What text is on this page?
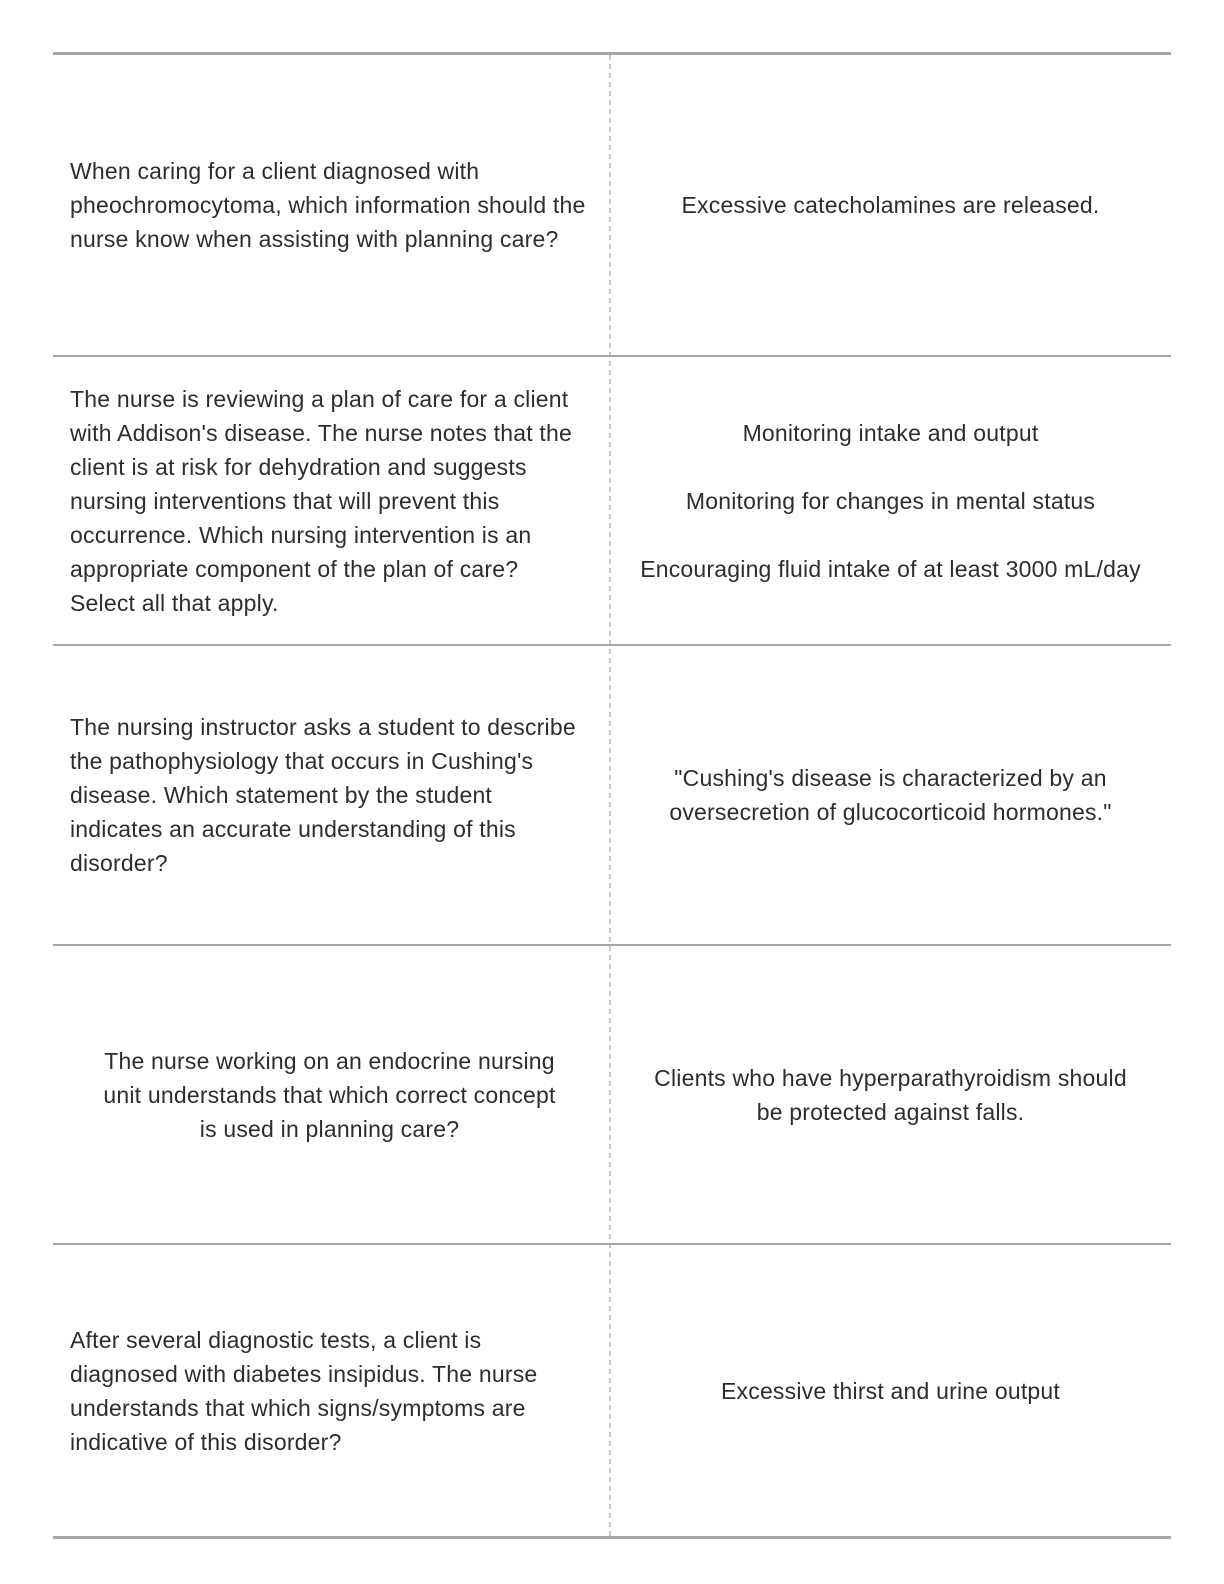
When caring for a client diagnosed with pheochromocytoma, which information should the nurse know when assisting with planning care?

Excessive catecholamines are released.

The nurse is reviewing a plan of care for a client with Addison's disease. The nurse notes that the client is at risk for dehydration and suggests nursing interventions that will prevent this occurrence. Which nursing intervention is an appropriate component of the plan of care? Select all that apply.

Monitoring intake and output

Monitoring for changes in mental status

Encouraging fluid intake of at least 3000 mL/day

The nursing instructor asks a student to describe the pathophysiology that occurs in Cushing's disease. Which statement by the student indicates an accurate understanding of this disorder?

"Cushing's disease is characterized by an oversecretion of glucocorticoid hormones."

The nurse working on an endocrine nursing unit understands that which correct concept is used in planning care?

Clients who have hyperparathyroidism should be protected against falls.

After several diagnostic tests, a client is diagnosed with diabetes insipidus. The nurse understands that which signs/symptoms are indicative of this disorder?

Excessive thirst and urine output
